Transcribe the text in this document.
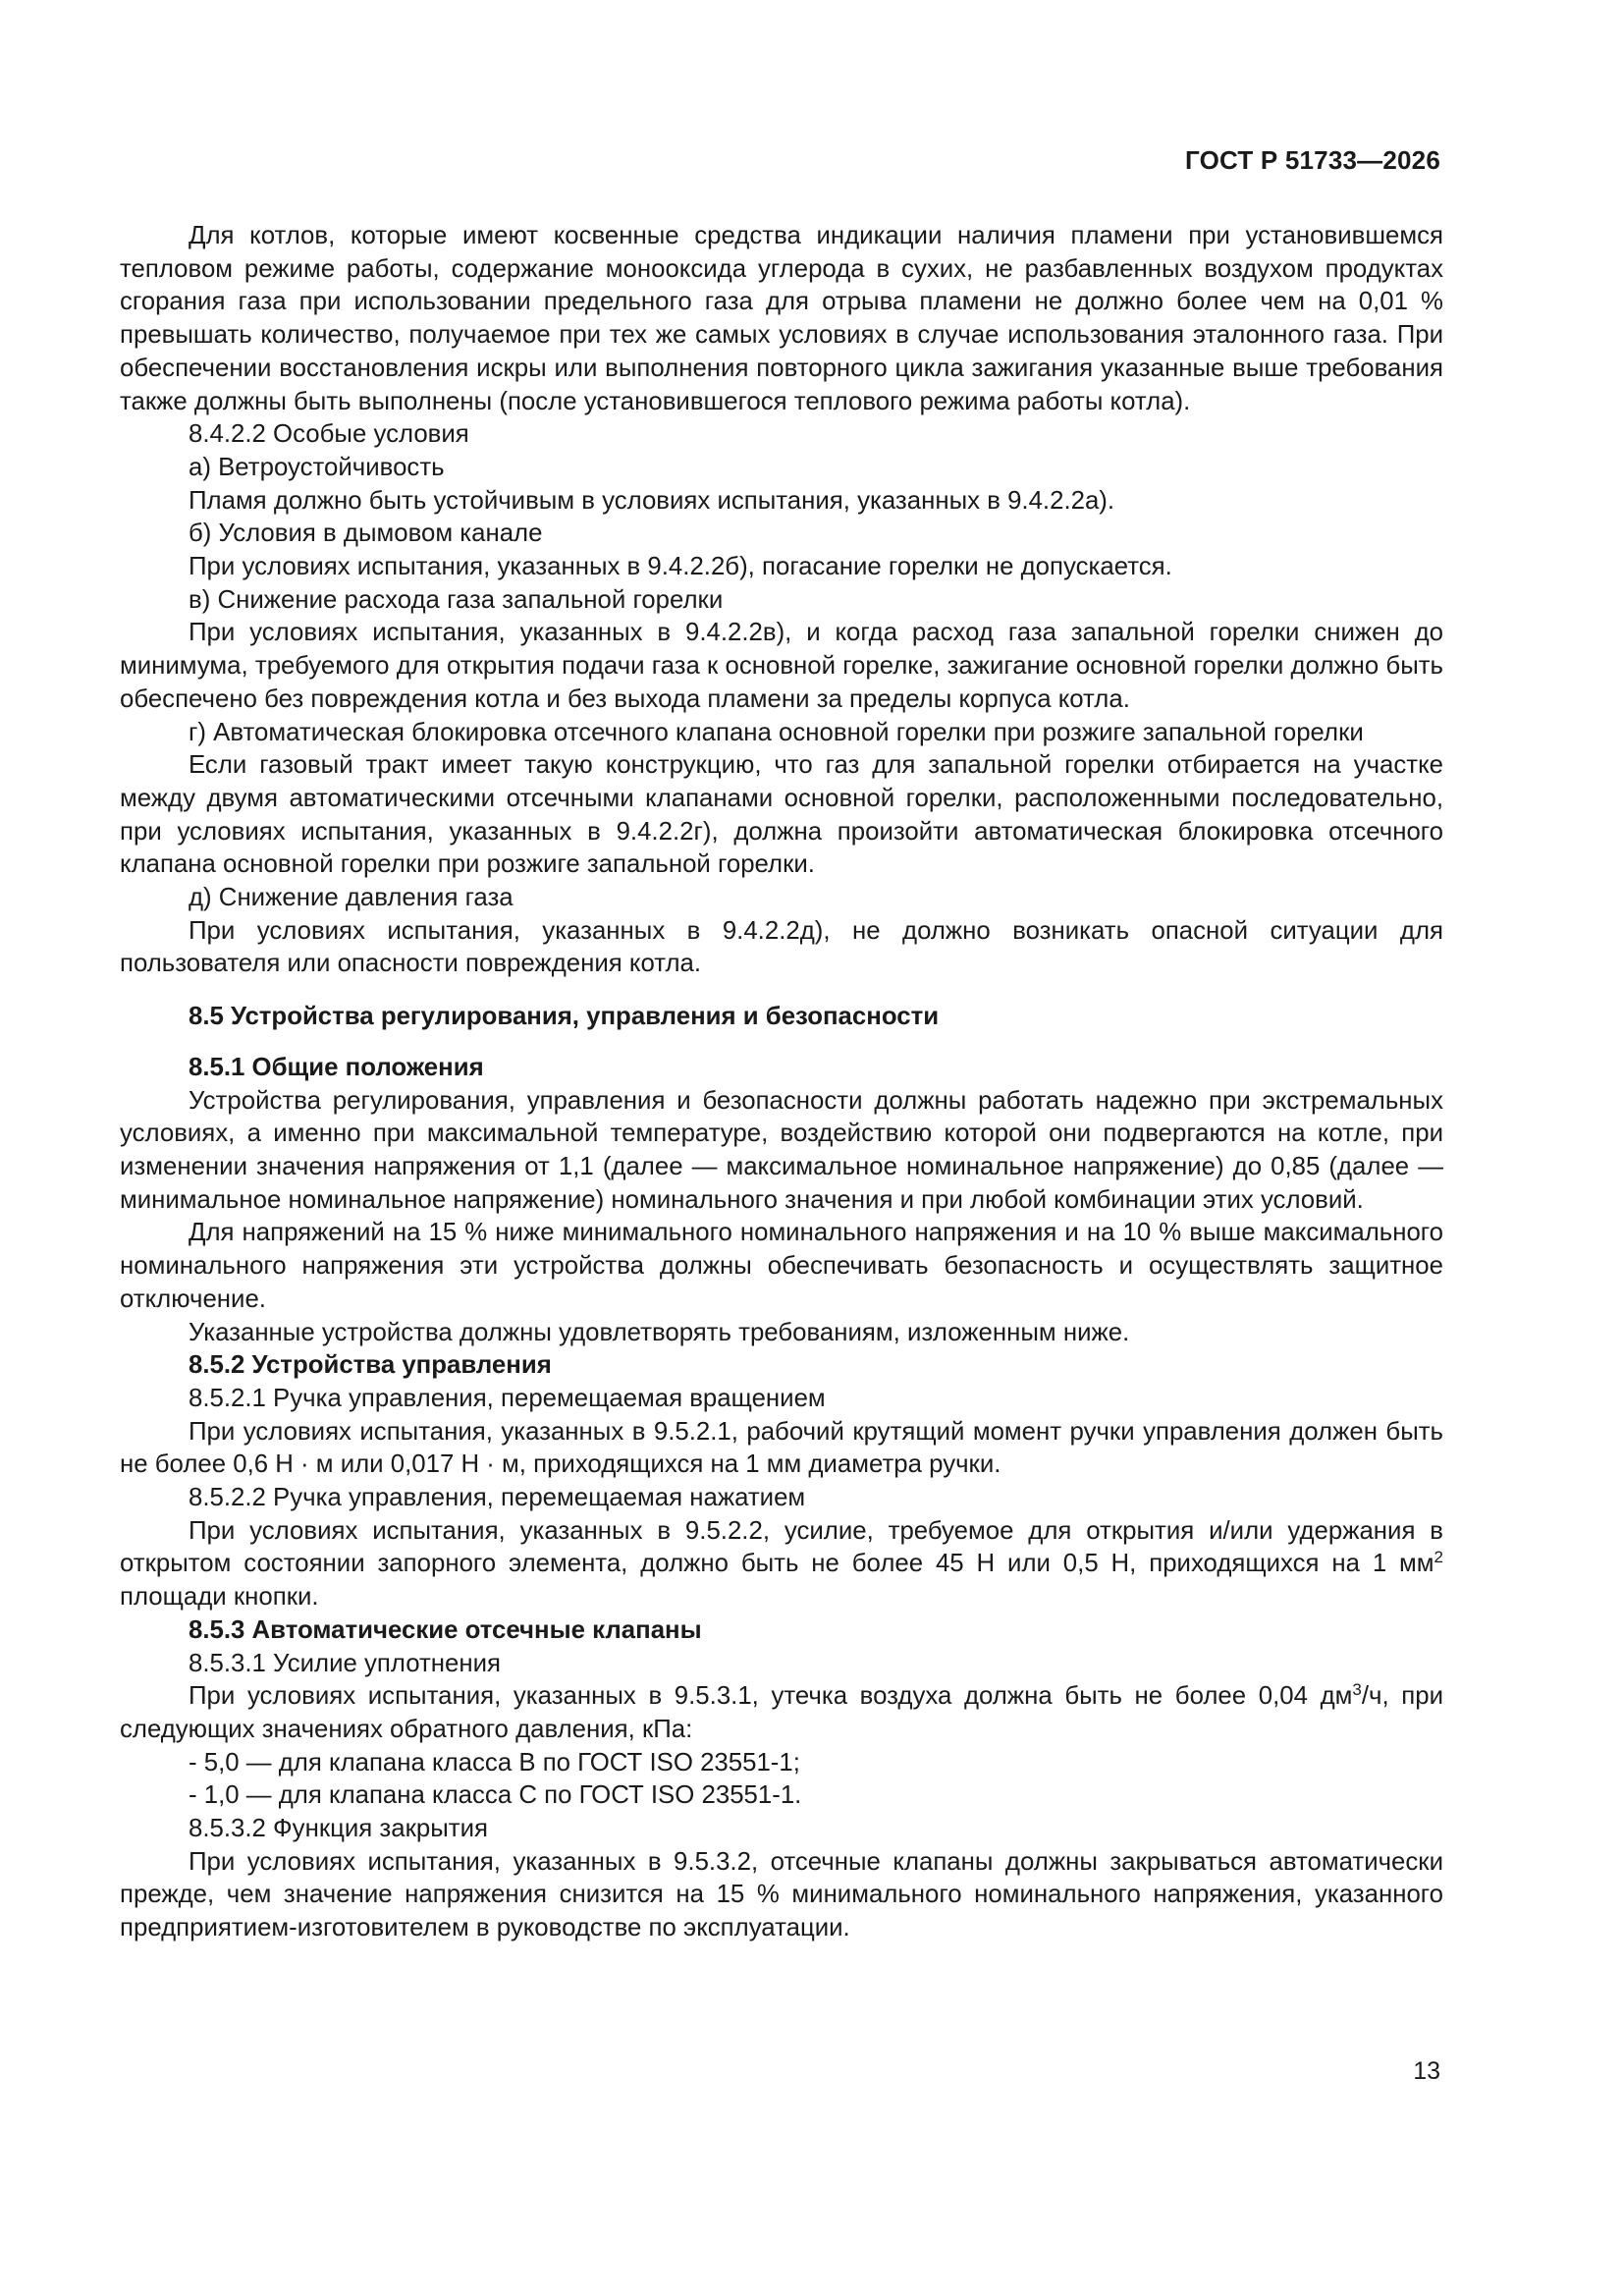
ГОСТ Р 51733—2026

Для котлов, которые имеют косвенные средства индикации наличия пламени при установившемся тепловом режиме работы, содержание монооксида углерода в сухих, не разбавленных воздухом продуктах сгорания газа при использовании предельного газа для отрыва пламени не должно более чем на 0,01 % превышать количество, получаемое при тех же самых условиях в случае использования эталонного газа. При обеспечении восстановления искры или выполнения повторного цикла зажигания указанные выше требования также должны быть выполнены (после установившегося теплового режима работы котла).

8.4.2.2 Особые условия

а) Ветроустойчивость

Пламя должно быть устойчивым в условиях испытания, указанных в 9.4.2.2а).

б) Условия в дымовом канале

При условиях испытания, указанных в 9.4.2.2б), погасание горелки не допускается.

в) Снижение расхода газа запальной горелки

При условиях испытания, указанных в 9.4.2.2в), и когда расход газа запальной горелки снижен до минимума, требуемого для открытия подачи газа к основной горелке, зажигание основной горелки должно быть обеспечено без повреждения котла и без выхода пламени за пределы корпуса котла.

г) Автоматическая блокировка отсечного клапана основной горелки при розжиге запальной горелки

Если газовый тракт имеет такую конструкцию, что газ для запальной горелки отбирается на участке между двумя автоматическими отсечными клапанами основной горелки, расположенными последовательно, при условиях испытания, указанных в 9.4.2.2г), должна произойти автоматическая блокировка отсечного клапана основной горелки при розжиге запальной горелки.

д) Снижение давления газа

При условиях испытания, указанных в 9.4.2.2д), не должно возникать опасной ситуации для пользователя или опасности повреждения котла.

8.5 Устройства регулирования, управления и безопасности

8.5.1 Общие положения

Устройства регулирования, управления и безопасности должны работать надежно при экстремальных условиях, а именно при максимальной температуре, воздействию которой они подвергаются на котле, при изменении значения напряжения от 1,1 (далее — максимальное номинальное напряжение) до 0,85 (далее — минимальное номинальное напряжение) номинального значения и при любой комбинации этих условий.

Для напряжений на 15 % ниже минимального номинального напряжения и на 10 % выше максимального номинального напряжения эти устройства должны обеспечивать безопасность и осуществлять защитное отключение.

Указанные устройства должны удовлетворять требованиям, изложенным ниже.

8.5.2 Устройства управления

8.5.2.1 Ручка управления, перемещаемая вращением

При условиях испытания, указанных в 9.5.2.1, рабочий крутящий момент ручки управления должен быть не более 0,6 Н · м или 0,017 Н · м, приходящихся на 1 мм диаметра ручки.

8.5.2.2 Ручка управления, перемещаемая нажатием

При условиях испытания, указанных в 9.5.2.2, усилие, требуемое для открытия и/или удержания в открытом состоянии запорного элемента, должно быть не более 45 Н или 0,5 Н, приходящихся на 1 $мм^2$ площади кнопки.

8.5.3 Автоматические отсечные клапаны

8.5.3.1 Усилие уплотнения

При условиях испытания, указанных в 9.5.3.1, утечка воздуха должна быть не более 0,04 $дм^3/ч$, при следующих значениях обратного давления, кПа:

- 5,0 — для клапана класса В по ГОСТ ISO 23551-1;

- 1,0 — для клапана класса С по ГОСТ ISO 23551-1.

8.5.3.2 Функция закрытия

При условиях испытания, указанных в 9.5.3.2, отсечные клапаны должны закрываться автоматически прежде, чем значение напряжения снизится на 15 % минимального номинального напряжения, указанного предприятием-изготовителем в руководстве по эксплуатации.

13
